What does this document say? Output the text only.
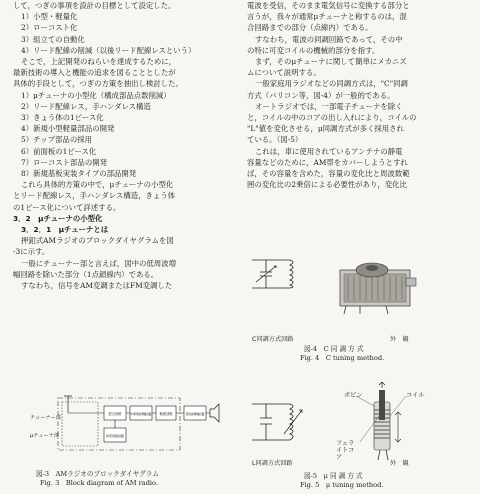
して，つぎの事項を設計の目標として設定した。
1）小型・軽量化
2）ローコスト化
3）組立ての自動化
4）リード配線の削減（以後リード配線レスという）
そこで，上記開発のねらいを達成するために，
最新技術の導入と機能の追求を図ることとしたが
具体的手段として，つぎの方策を抽出し検討した。
1）μチューナの小型化（構成部品点数削減）
2）リード配線レス，手ハンダレス構造
3）きょう体の1ピース化
4）新規小型軽量部品の開発
5）チップ部品の採用
6）前面板の1ピース化
7）ローコスト部品の開発
8）新規基板実装タイプの部品開発
これら具体的方策の中で，μチューナの小型化
とリード配線レス，手ハンダレス構造，きょう体
の1ピース化について詳述する。
3．2　μチューナの小型化
3．2．1　μチューナとは
押釦式AMラジオのブロックダイヤグラムを図
-3に示す。
一般にチューナー部と言えば，図中の低周波増
幅回路を除いた部分（1点鎖線内）である。
すなわち，信号をAM変調またはFM変調した
電波を受信，そのまま電気信号に変換する部分と
言うが，我々が通常μチューナと称するのは，混
合回路までの部分（点線内）である。
すなわち，電波の同調回路であって，その中
の特に可変コイルの機械的部分を指す。
まず，そのμチューナに関して簡単にメカニズ
ムについて説明する。
一般家庭用ラジオなどの同調方式は，"C"同調
方式（バリコン等，図-4）が一般的である。
オートラジオでは，一部電子チューナを除く
と，コイルの中のコアの出し入れにより，コイルの
"L"値を変化させる，μ同調方式が多く採用され
ている。（図-5）
これは，車に使用されているアンテナの静電
容量などのために，AM帯をカバーしようとすれ
ば，その容量を含めた，容量の変化比と周波数範
囲の変化比の2乗倍による必要性があり，変化比
混合回路	中間周波増幅回路 検波回路	低周波増幅回路
局部発振回路
チューナー部
μチューナ部
図-3　AMラジオのブロックダイヤグラム
Fig. 3　Block diagram of AM radio.
C同調方式回路	外　観
図-4　C 同 調 方 式
Fig. 4　C tuning method.
ボビン	コイル
フェライトコア
L同調方式回路	外　観
図-5　μ 同 調 方 式
Fig. 5　μ tuning method.
